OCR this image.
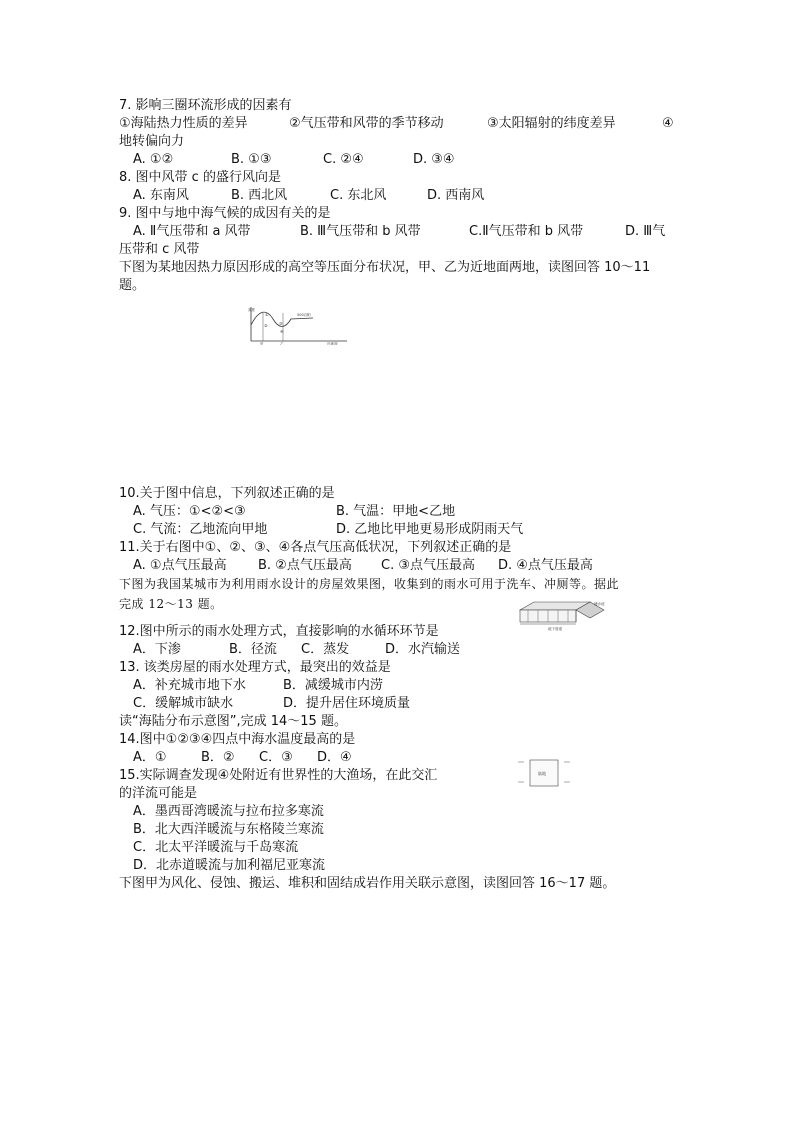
7. 影响三圈环流形成的因素有
①海陆热力性质的差异	②气压带和风带的季节移动	③太阳辐射的纬度差异	④
地转偏向力
A. ①②	B. ①③	C. ②④	D. ③④
8. 图中风带 c 的盛行风向是
A. 东南风	B. 西北风	C. 东北风	D. 西南风
9. 图中与地中海气候的成因有关的是
A. Ⅱ气压带和 a 风带	B. Ⅲ气压带和 b 风带	C.Ⅱ气压带和 b 风带	D. Ⅲ气
压带和 c 风带
下图为某地因热力原因形成的高空等压面分布状况，甲、乙为近地面两地，读图回答 10～11
题。
高度
①
②	③
④
500百帕
甲	乙	近地面
10.关于图中信息，下列叙述正确的是
A. 气压：①<②<③	B. 气温：甲地<乙地
C. 气流：乙地流向甲地	D. 乙地比甲地更易形成阴雨天气
11.关于右图中①、②、③、④各点气压高低状况，下列叙述正确的是
A. ①点气压最高 B. ②点气压最高 C. ③点气压最高 D. ④点气压最高
下图为我国某城市为利用雨水设计的房屋效果图，收集到的雨水可用于洗车、冲厕等。据此
完成 12～13 题。	储水池
地下管道
12.图中所示的雨水处理方式，直接影响的水循环环节是
A．下渗	B．径流 C．蒸发	D．水汽输送
13. 该类房屋的雨水处理方式，最突出的效益是
A．补充城市地下水	B．减缓城市内涝
C．缓解城市缺水	D．提升居住环境质量
读“海陆分布示意图”,完成 14～15 题。
14.图中①②③④四点中海水温度最高的是
A．①	B．② C．③ D．④
陆地
15.实际调查发现④处附近有世界性的大渔场，在此交汇
的洋流可能是
A．墨西哥湾暖流与拉布拉多寒流
B．北大西洋暖流与东格陵兰寒流
C．北太平洋暖流与千岛寒流
D．北赤道暖流与加利福尼亚寒流
下图甲为风化、侵蚀、搬运、堆积和固结成岩作用关联示意图，读图回答 16～17 题。
